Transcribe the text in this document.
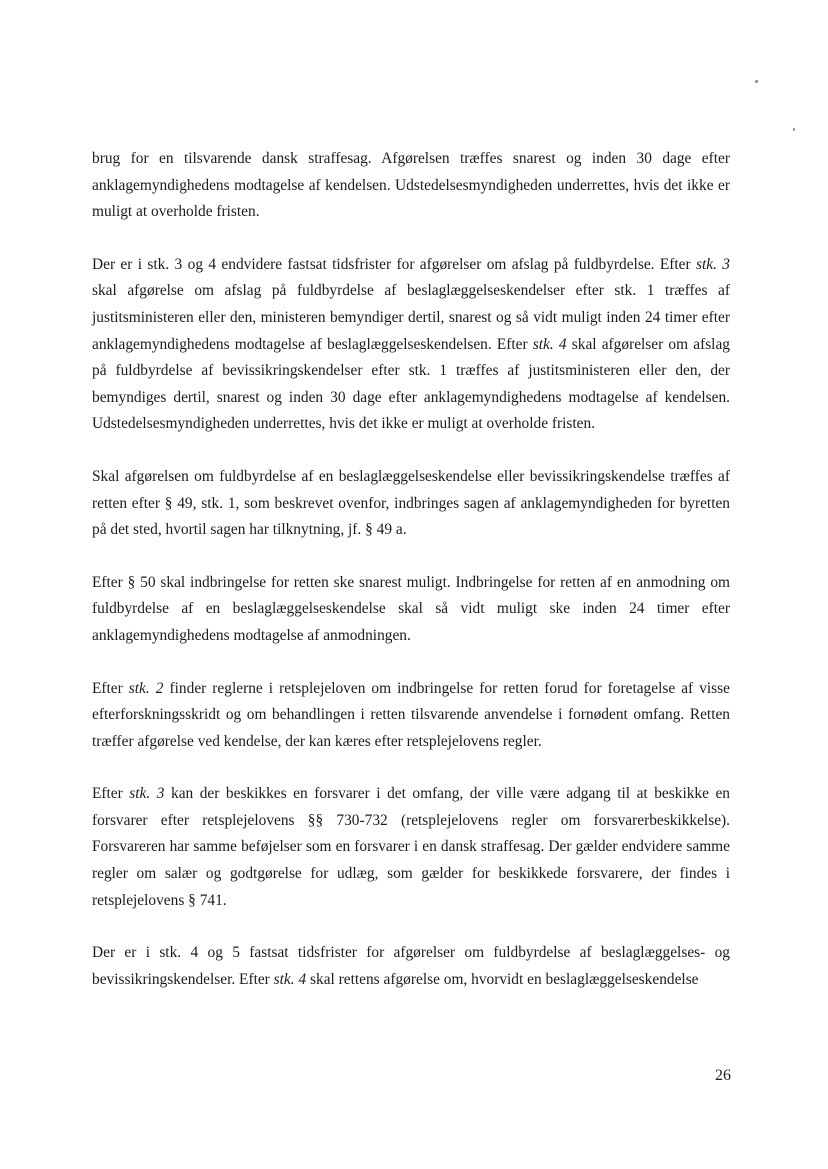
brug for en tilsvarende dansk straffesag. Afgørelsen træffes snarest og inden 30 dage efter anklagemyndighedens modtagelse af kendelsen. Udstedelsesmyndigheden underrettes, hvis det ikke er muligt at overholde fristen.

Der er i stk. 3 og 4 endvidere fastsat tidsfrister for afgørelser om afslag på fuldbyrdelse. Efter stk. 3 skal afgørelse om afslag på fuldbyrdelse af beslaglæggelseskendelser efter stk. 1 træffes af justitsministeren eller den, ministeren bemyndiger dertil, snarest og så vidt muligt inden 24 timer efter anklagemyndighedens modtagelse af beslaglæggelseskendelsen. Efter stk. 4 skal afgørelser om afslag på fuldbyrdelse af bevissikringskendelser efter stk. 1 træffes af justitsministeren eller den, der bemyndiges dertil, snarest og inden 30 dage efter anklagemyndighedens modtagelse af kendelsen. Udstedelsesmyndigheden underrettes, hvis det ikke er muligt at overholde fristen.

Skal afgørelsen om fuldbyrdelse af en beslaglæggelseskendelse eller bevissikringskendelse træffes af retten efter § 49, stk. 1, som beskrevet ovenfor, indbringes sagen af anklagemyndigheden for byretten på det sted, hvortil sagen har tilknytning, jf. § 49 a.

Efter § 50 skal indbringelse for retten ske snarest muligt. Indbringelse for retten af en anmodning om fuldbyrdelse af en beslaglæggelseskendelse skal så vidt muligt ske inden 24 timer efter anklagemyndighedens modtagelse af anmodningen.

Efter stk. 2 finder reglerne i retsplejeloven om indbringelse for retten forud for foretagelse af visse efterforskningsskridt og om behandlingen i retten tilsvarende anvendelse i fornødent omfang. Retten træffer afgørelse ved kendelse, der kan kæres efter retsplejelovens regler.

Efter stk. 3 kan der beskikkes en forsvarer i det omfang, der ville være adgang til at beskikke en forsvarer efter retsplejelovens §§ 730-732 (retsplejelovens regler om forsvarerbeskikkelse). Forsvareren har samme beføjelser som en forsvarer i en dansk straffesag. Der gælder endvidere samme regler om salær og godtgørelse for udlæg, som gælder for beskikkede forsvarere, der findes i retsplejelovens § 741.

Der er i stk. 4 og 5 fastsat tidsfrister for afgørelser om fuldbyrdelse af beslaglæggelses- og bevissikringskendelser. Efter stk. 4 skal rettens afgørelse om, hvorvidt en beslaglæggelseskendelse

26
